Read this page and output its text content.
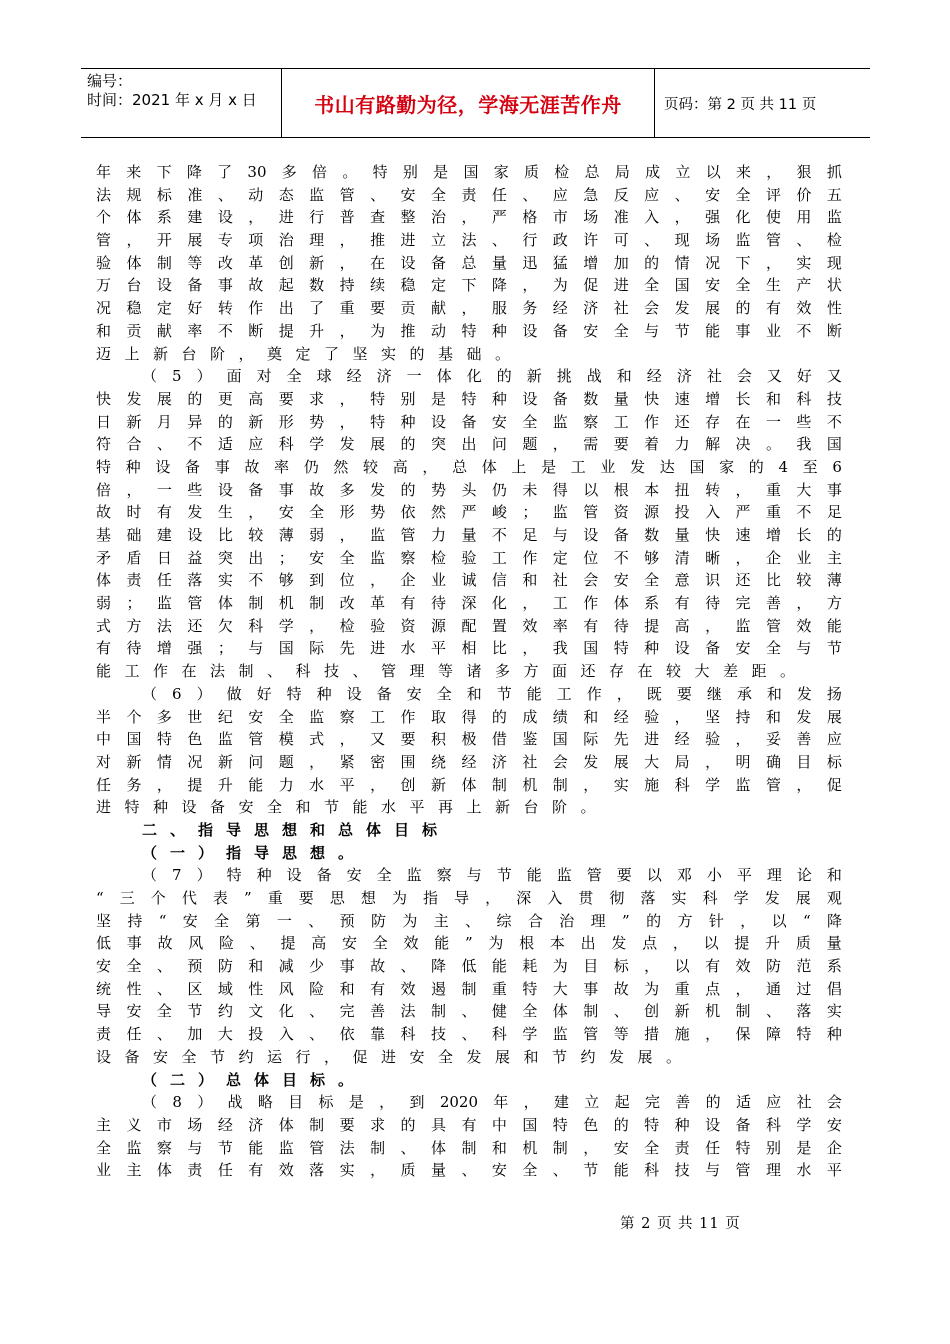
编号：
时间：2021 年 x 月 x 日	书山有路勤为径，学海无涯苦作舟	页码：第 2 页 共 11 页
年 来 下 降 了 30 多 倍 。 特 别 是 国 家 质 检 总 局 成 立 以 来 ， 狠 抓
法 规 标 准 、 动 态 监 管 、 安 全 责 任 、 应 急 反 应 、 安 全 评 价 五
个 体 系 建 设 ， 进 行 普 查 整 治 ， 严 格 市 场 准 入 ， 强 化 使 用 监
管 ， 开 展 专 项 治 理 ， 推 进 立 法 、 行 政 许 可 、 现 场 监 管 、 检
验 体 制 等 改 革 创 新 ， 在 设 备 总 量 迅 猛 增 加 的 情 况 下 ， 实 现
万 台 设 备 事 故 起 数 持 续 稳 定 下 降 ， 为 促 进 全 国 安 全 生 产 状
况 稳 定 好 转 作 出 了 重 要 贡 献 ， 服 务 经 济 社 会 发 展 的 有 效 性
和 贡 献 率 不 断 提 升 ， 为 推 动 特 种 设 备 安 全 与 节 能 事 业 不 断
迈上新台阶，奠定了坚实的基础。
（ 5 ） 面 对 全 球 经 济 一 体 化 的 新 挑 战 和 经 济 社 会 又 好 又
快 发 展 的 更 高 要 求 ， 特 别 是 特 种 设 备 数 量 快 速 增 长 和 科 技
日 新 月 异 的 新 形 势 ， 特 种 设 备 安 全 监 察 工 作 还 存 在 一 些 不
符 合 、 不 适 应 科 学 发 展 的 突 出 问 题 ， 需 要 着 力 解 决 。 我 国
特 种 设 备 事 故 率 仍 然 较 高 ， 总 体 上 是 工 业 发 达 国 家 的 4 至 6
倍 ， 一 些 设 备 事 故 多 发 的 势 头 仍 未 得 以 根 本 扭 转 ， 重 大 事
故 时 有 发 生 ， 安 全 形 势 依 然 严 峻 ； 监 管 资 源 投 入 严 重 不 足
基 础 建 设 比 较 薄 弱 ， 监 管 力 量 不 足 与 设 备 数 量 快 速 增 长 的
矛 盾 日 益 突 出 ； 安 全 监 察 检 验 工 作 定 位 不 够 清 晰 ， 企 业 主
体 责 任 落 实 不 够 到 位 ， 企 业 诚 信 和 社 会 安 全 意 识 还 比 较 薄
弱 ； 监 管 体 制 机 制 改 革 有 待 深 化 ， 工 作 体 系 有 待 完 善 ， 方
式 方 法 还 欠 科 学 ， 检 验 资 源 配 置 效 率 有 待 提 高 ， 监 管 效 能
有 待 增 强 ； 与 国 际 先 进 水 平 相 比 ， 我 国 特 种 设 备 安 全 与 节
能工作在法制、科技、管理等诸多方面还存在较大差距。
（ 6 ） 做 好 特 种 设 备 安 全 和 节 能 工 作 ， 既 要 继 承 和 发 扬
半 个 多 世 纪 安 全 监 察 工 作 取 得 的 成 绩 和 经 验 ， 坚 持 和 发 展
中 国 特 色 监 管 模 式 ， 又 要 积 极 借 鉴 国 际 先 进 经 验 ， 妥 善 应
对 新 情 况 新 问 题 ， 紧 密 围 绕 经 济 社 会 发 展 大 局 ， 明 确 目 标
任 务 ， 提 升 能 力 水 平 ， 创 新 体 制 机 制 ， 实 施 科 学 监 管 ， 促
进特种设备安全和节能水平再上新台阶。
二、指导思想和总体目标
（一）指导思想。
（ 7 ） 特 种 设 备 安 全 监 察 与 节 能 监 管 要 以 邓 小 平 理 论 和
“ 三 个 代 表 ” 重 要 思 想 为 指 导 ， 深 入 贯 彻 落 实 科 学 发 展 观
坚 持 “ 安 全 第 一 、 预 防 为 主 、 综 合 治 理 ” 的 方 针 ， 以 “ 降
低 事 故 风 险 、 提 高 安 全 效 能 ” 为 根 本 出 发 点 ， 以 提 升 质 量
安 全 、 预 防 和 减 少 事 故 、 降 低 能 耗 为 目 标 ， 以 有 效 防 范 系
统 性 、 区 域 性 风 险 和 有 效 遏 制 重 特 大 事 故 为 重 点 ， 通 过 倡
导 安 全 节 约 文 化 、 完 善 法 制 、 健 全 体 制 、 创 新 机 制 、 落 实
责 任 、 加 大 投 入 、 依 靠 科 技 、 科 学 监 管 等 措 施 ， 保 障 特 种
设备安全节约运行，促进安全发展和节约发展。
（二）总体目标。
（ 8 ） 战 略 目 标 是 ， 到 2020 年 ， 建 立 起 完 善 的 适 应 社 会
主 义 市 场 经 济 体 制 要 求 的 具 有 中 国 特 色 的 特 种 设 备 科 学 安
全 监 察 与 节 能 监 管 法 制 、 体 制 和 机 制 ， 安 全 责 任 特 别 是 企
业 主 体 责 任 有 效 落 实 ， 质 量 、 安 全 、 节 能 科 技 与 管 理 水 平
第 2 页 共 11 页
